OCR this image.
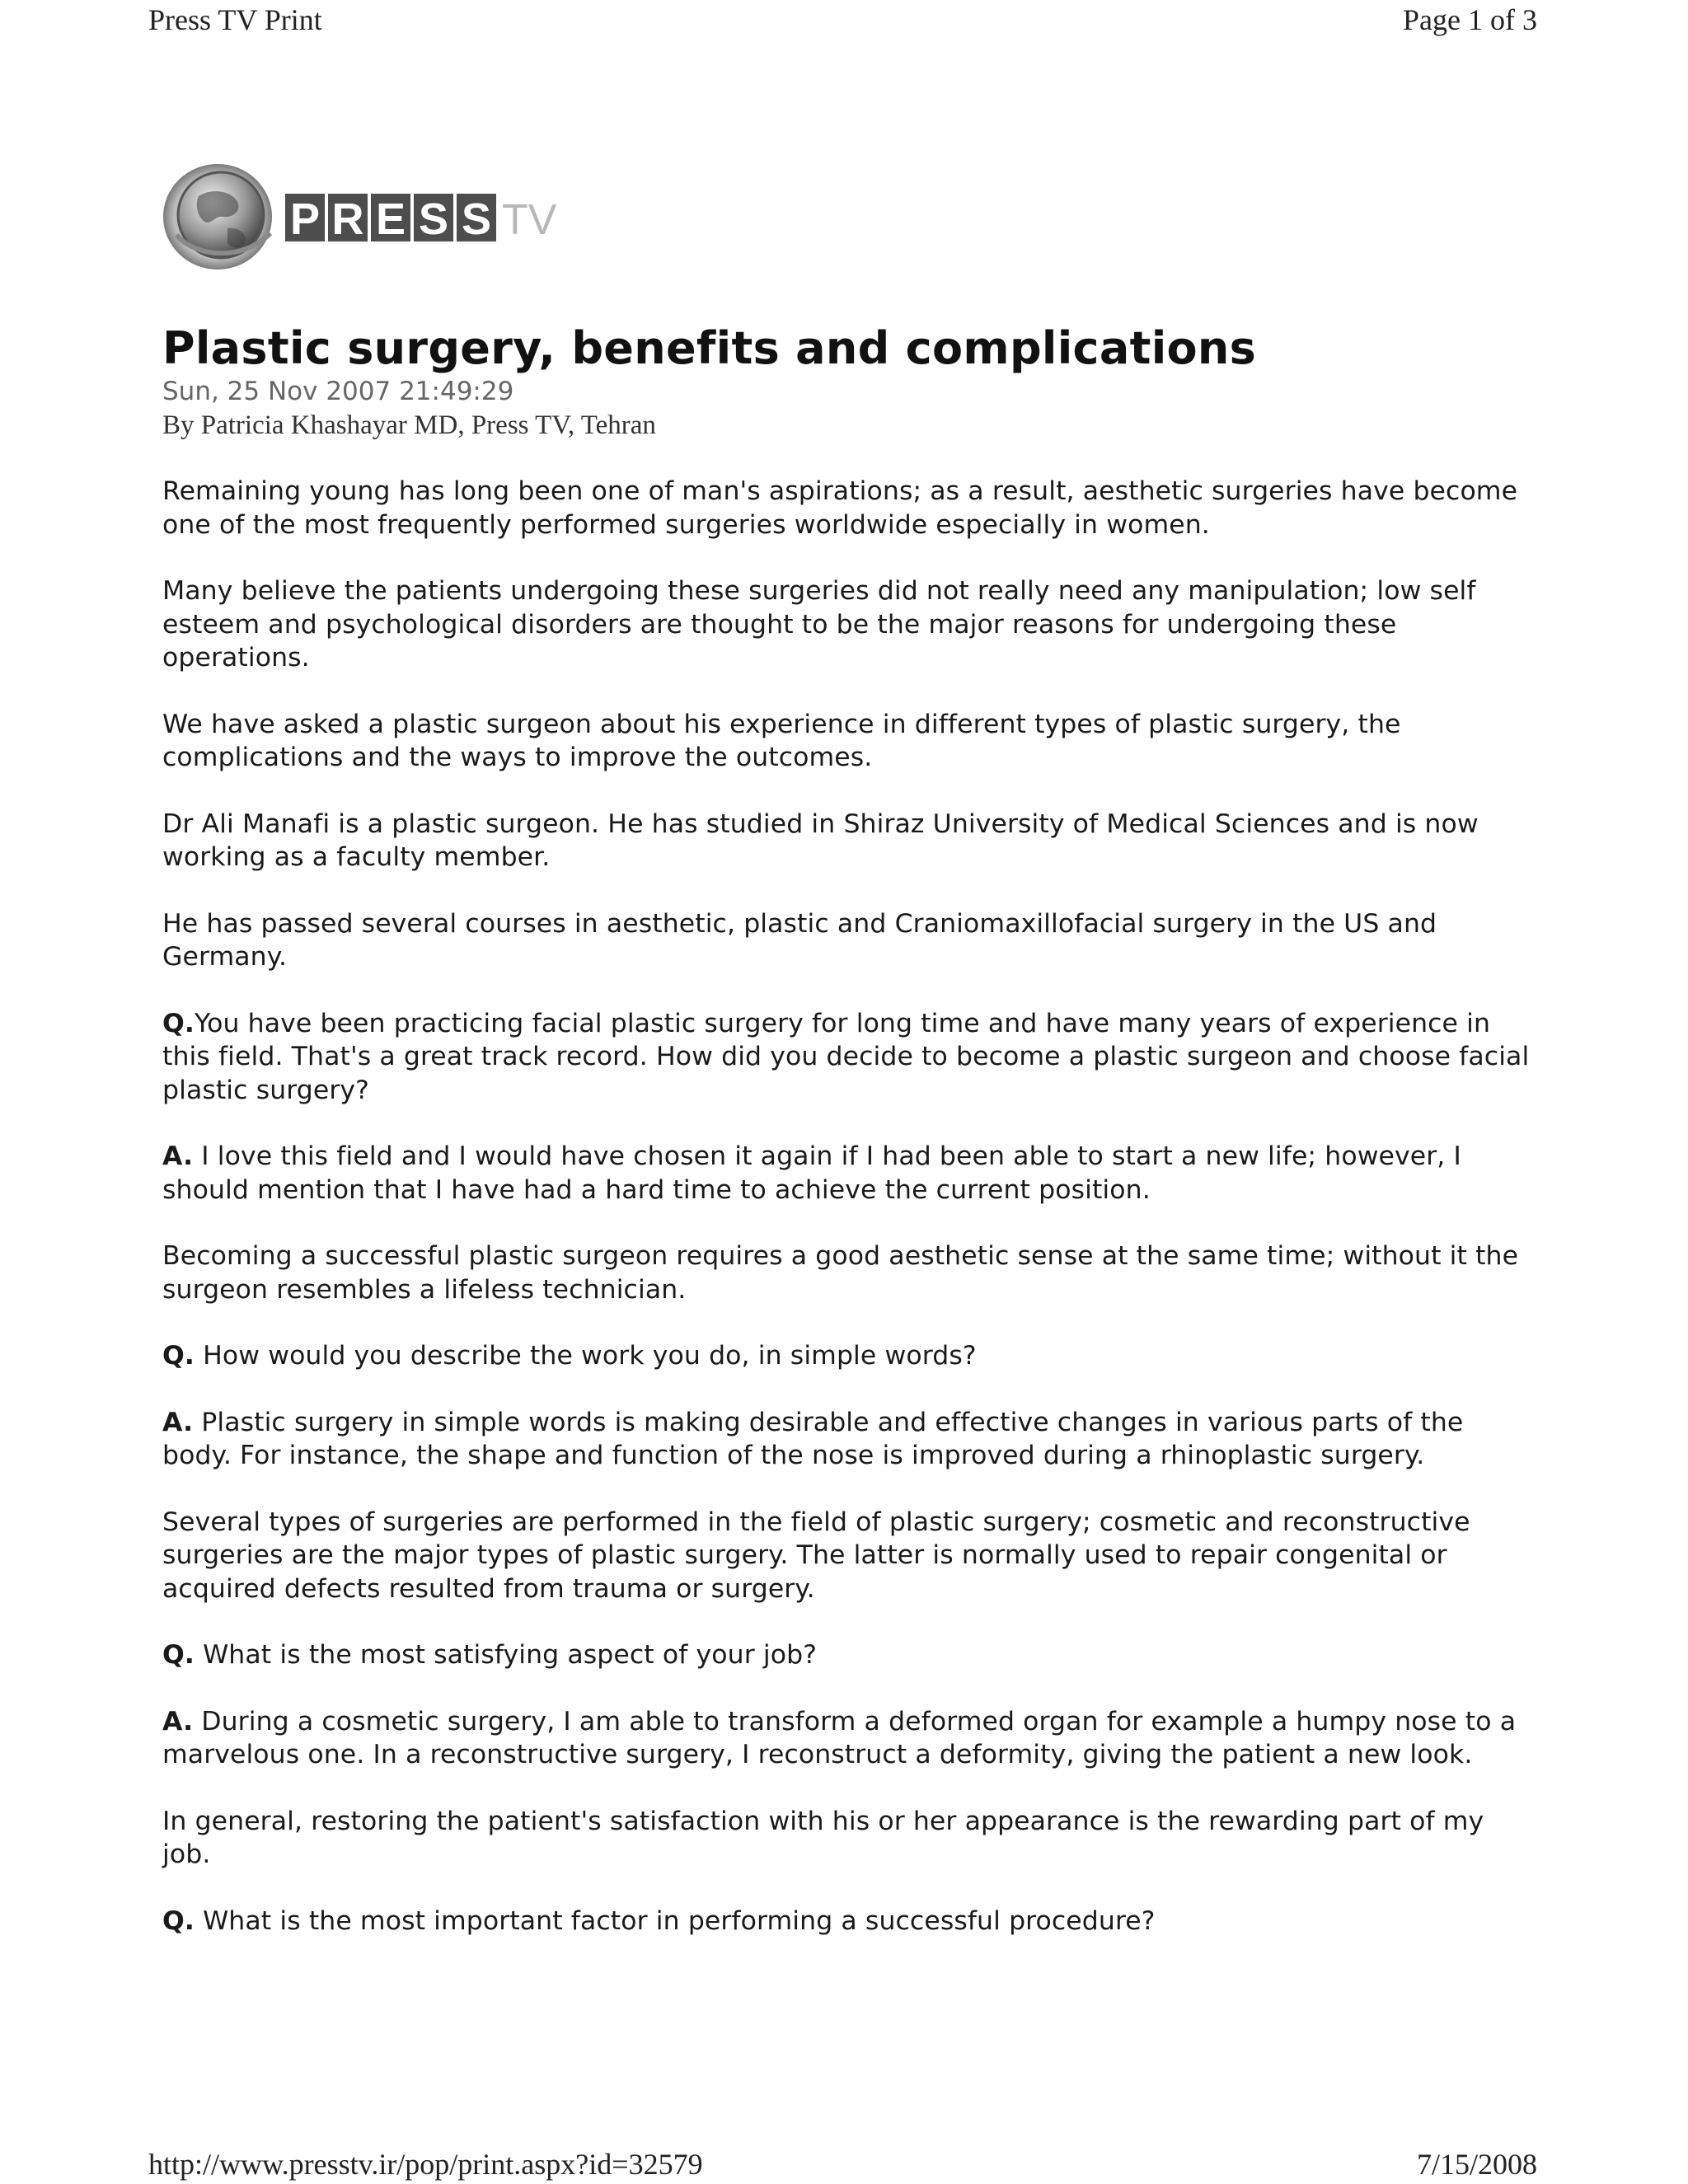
Press TV Print	Page 1 of 3
P R E S S TV
Plastic surgery, benefits and complications
Sun, 25 Nov 2007 21:49:29
By Patricia Khashayar MD, Press TV, Tehran

Remaining young has long been one of man's aspirations; as a result, aesthetic surgeries have become one of the most frequently performed surgeries worldwide especially in women.

Many believe the patients undergoing these surgeries did not really need any manipulation; low self esteem and psychological disorders are thought to be the major reasons for undergoing these operations.

We have asked a plastic surgeon about his experience in different types of plastic surgery, the complications and the ways to improve the outcomes.

Dr Ali Manafi is a plastic surgeon. He has studied in Shiraz University of Medical Sciences and is now working as a faculty member.

He has passed several courses in aesthetic, plastic and Craniomaxillofacial surgery in the US and Germany.

Q.You have been practicing facial plastic surgery for long time and have many years of experience in this field. That's a great track record. How did you decide to become a plastic surgeon and choose facial plastic surgery?

A. I love this field and I would have chosen it again if I had been able to start a new life; however, I should mention that I have had a hard time to achieve the current position.

Becoming a successful plastic surgeon requires a good aesthetic sense at the same time; without it the surgeon resembles a lifeless technician.

Q. How would you describe the work you do, in simple words?

A. Plastic surgery in simple words is making desirable and effective changes in various parts of the body. For instance, the shape and function of the nose is improved during a rhinoplastic surgery.

Several types of surgeries are performed in the field of plastic surgery; cosmetic and reconstructive surgeries are the major types of plastic surgery. The latter is normally used to repair congenital or acquired defects resulted from trauma or surgery.

Q. What is the most satisfying aspect of your job?

A. During a cosmetic surgery, I am able to transform a deformed organ for example a humpy nose to a marvelous one. In a reconstructive surgery, I reconstruct a deformity, giving the patient a new look.

In general, restoring the patient's satisfaction with his or her appearance is the rewarding part of my job.

Q. What is the most important factor in performing a successful procedure?

http://www.presstv.ir/pop/print.aspx?id=32579	7/15/2008
